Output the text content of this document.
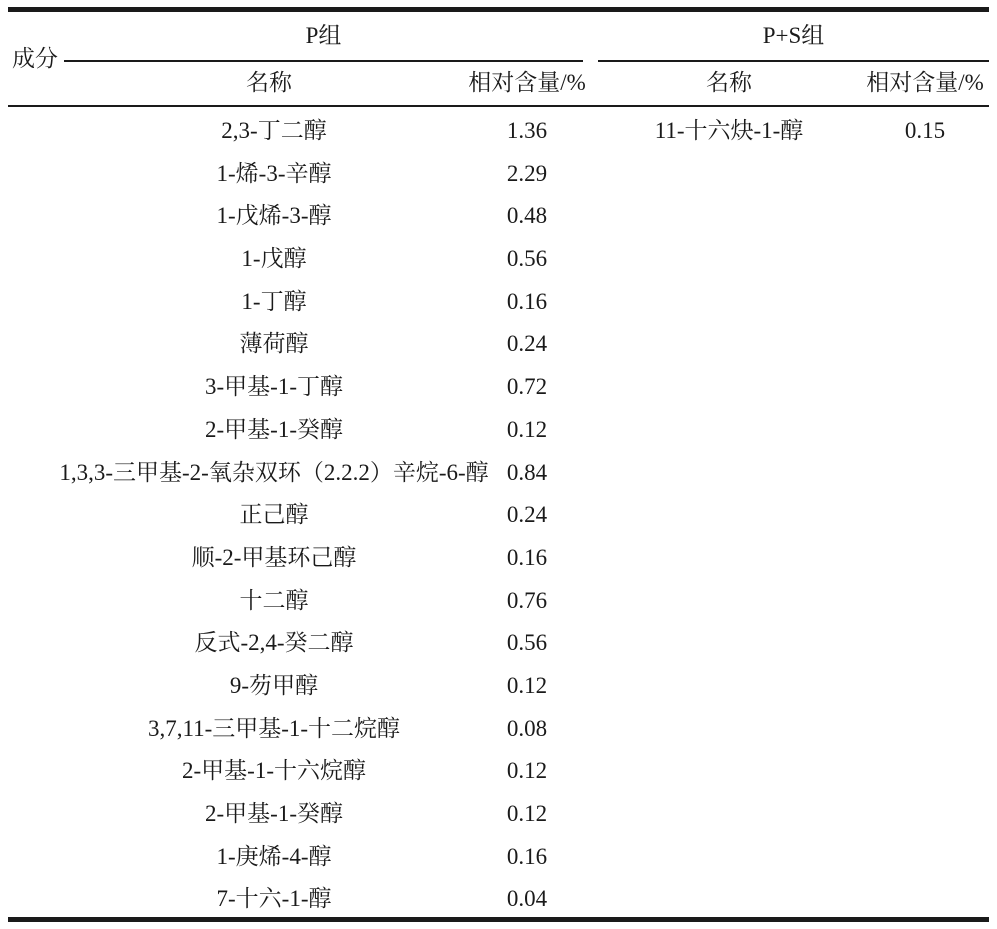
成分
P组	P+S组
名称	相对含量/%	名称	相对含量/%
2,3-丁二醇	1.36	11-十六炔-1-醇	0.15
1-烯-3-辛醇	2.29
1-戊烯-3-醇	0.48
1-戊醇	0.56
1-丁醇	0.16
薄荷醇	0.24
3-甲基-1-丁醇	0.72
2-甲基-1-癸醇	0.12
1,3,3-三甲基-2-氧杂双环（2.2.2）辛烷-6-醇 0.84
正己醇	0.24
顺-2-甲基环己醇	0.16
十二醇	0.76
反式-2,4-癸二醇	0.56
9-芴甲醇	0.12
3,7,11-三甲基-1-十二烷醇	0.08
2-甲基-1-十六烷醇	0.12
2-甲基-1-癸醇	0.12
1-庚烯-4-醇	0.16
7-十六-1-醇	0.04
